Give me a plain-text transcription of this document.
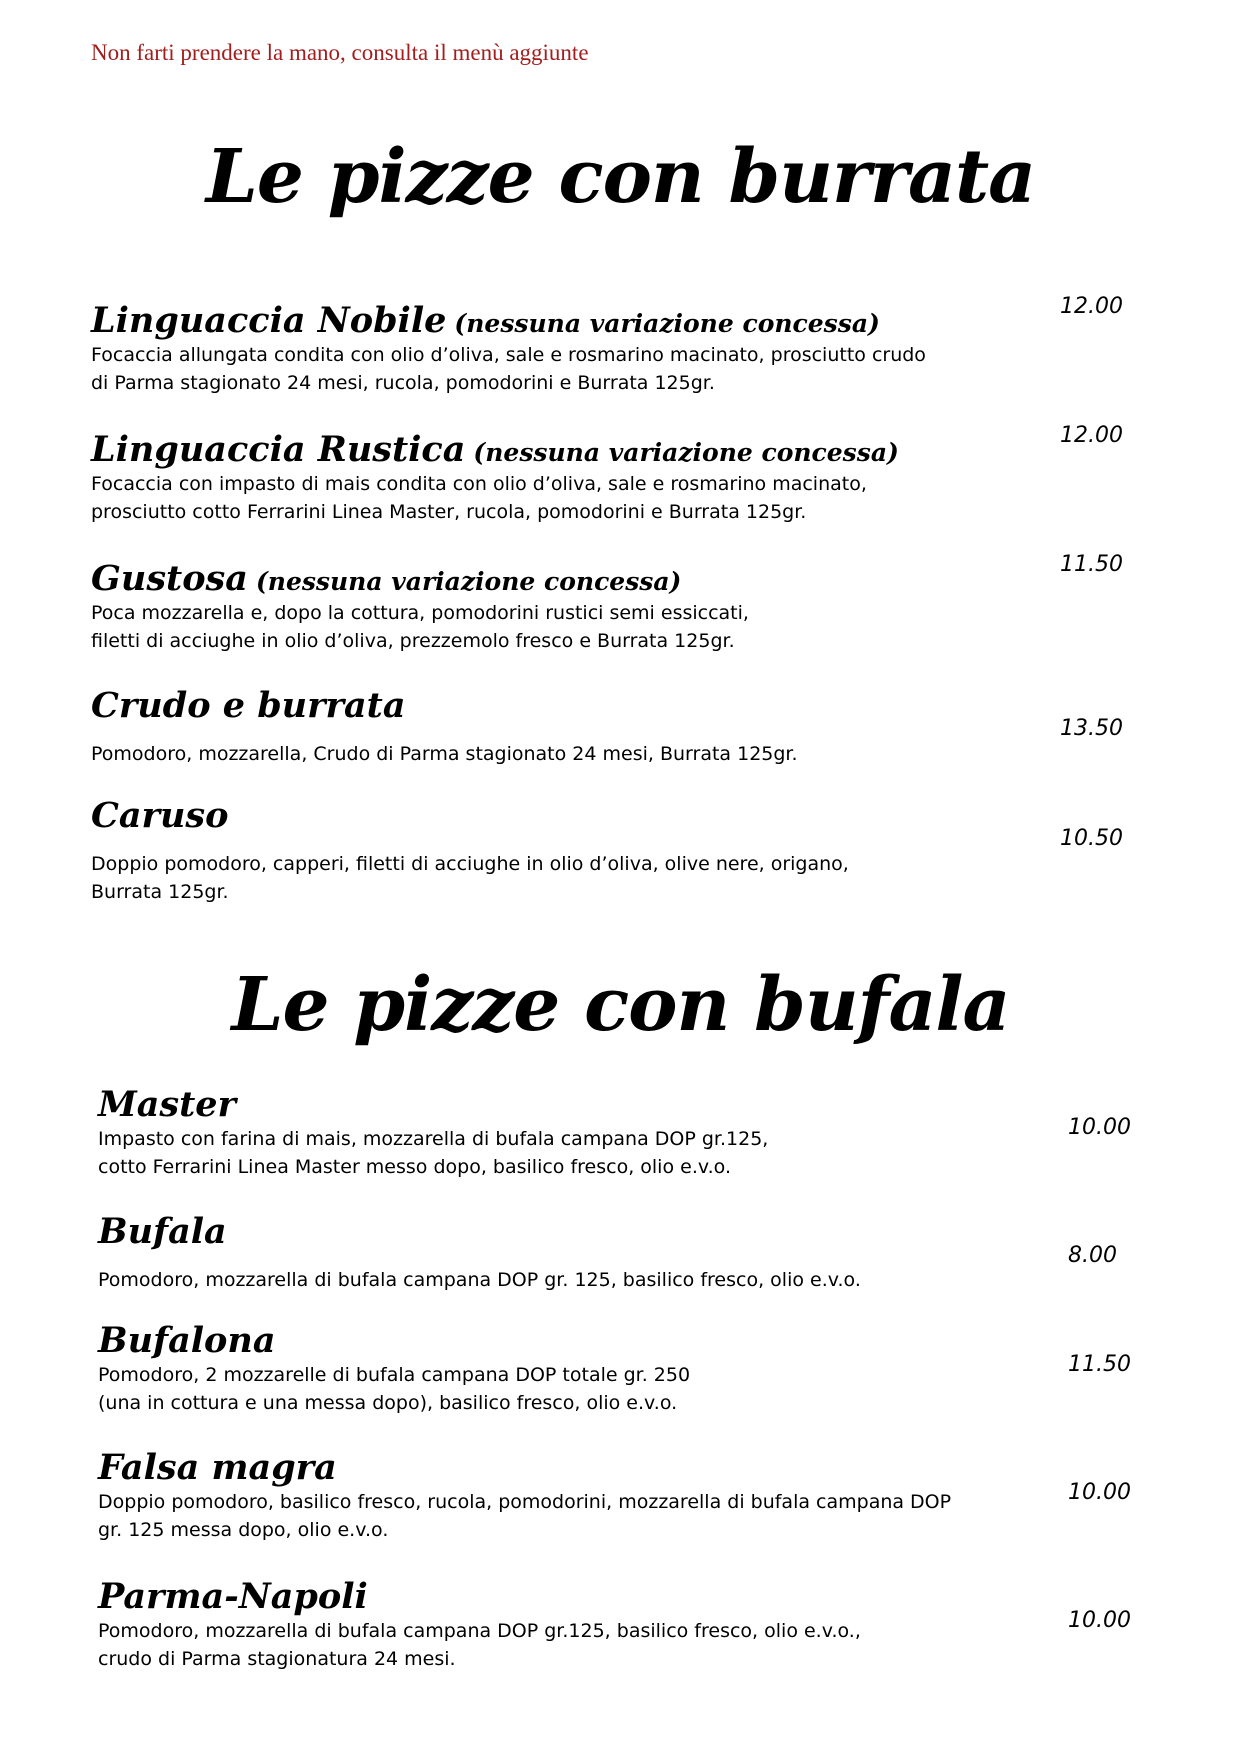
Non farti prendere la mano, consulta il menù aggiunte
Le pizze con burrata
Linguaccia Nobile (nessuna variazione concessa)
Focaccia allungata condita con olio d’oliva, sale e rosmarino macinato, prosciutto crudo
di Parma stagionato 24 mesi, rucola, pomodorini e Burrata 125gr.
12.00
Linguaccia Rustica (nessuna variazione concessa)
Focaccia con impasto di mais condita con olio d’oliva, sale e rosmarino macinato,
prosciutto cotto Ferrarini Linea Master, rucola, pomodorini e Burrata 125gr.
12.00
Gustosa (nessuna variazione concessa)
Poca mozzarella e, dopo la cottura, pomodorini rustici semi essiccati,
filetti di acciughe in olio d’oliva, prezzemolo fresco e Burrata 125gr.
11.50
Crudo e burrata
Pomodoro, mozzarella, Crudo di Parma stagionato 24 mesi, Burrata 125gr.
13.50
Caruso
Doppio pomodoro, capperi, filetti di acciughe in olio d’oliva, olive nere, origano,
Burrata 125gr.
10.50
Le pizze con bufala
Master
Impasto con farina di mais, mozzarella di bufala campana DOP gr.125,
cotto Ferrarini Linea Master messo dopo, basilico fresco, olio e.v.o.
10.00
Bufala
Pomodoro, mozzarella di bufala campana DOP gr. 125, basilico fresco, olio e.v.o.
8.00
Bufalona
Pomodoro, 2 mozzarelle di bufala campana DOP totale gr. 250
(una in cottura e una messa dopo), basilico fresco, olio e.v.o.
11.50
Falsa magra
Doppio pomodoro, basilico fresco, rucola, pomodorini, mozzarella di bufala campana DOP
gr. 125 messa dopo, olio e.v.o.
10.00
Parma-Napoli
Pomodoro, mozzarella di bufala campana DOP gr.125, basilico fresco, olio e.v.o.,
crudo di Parma stagionatura 24 mesi.
10.00
